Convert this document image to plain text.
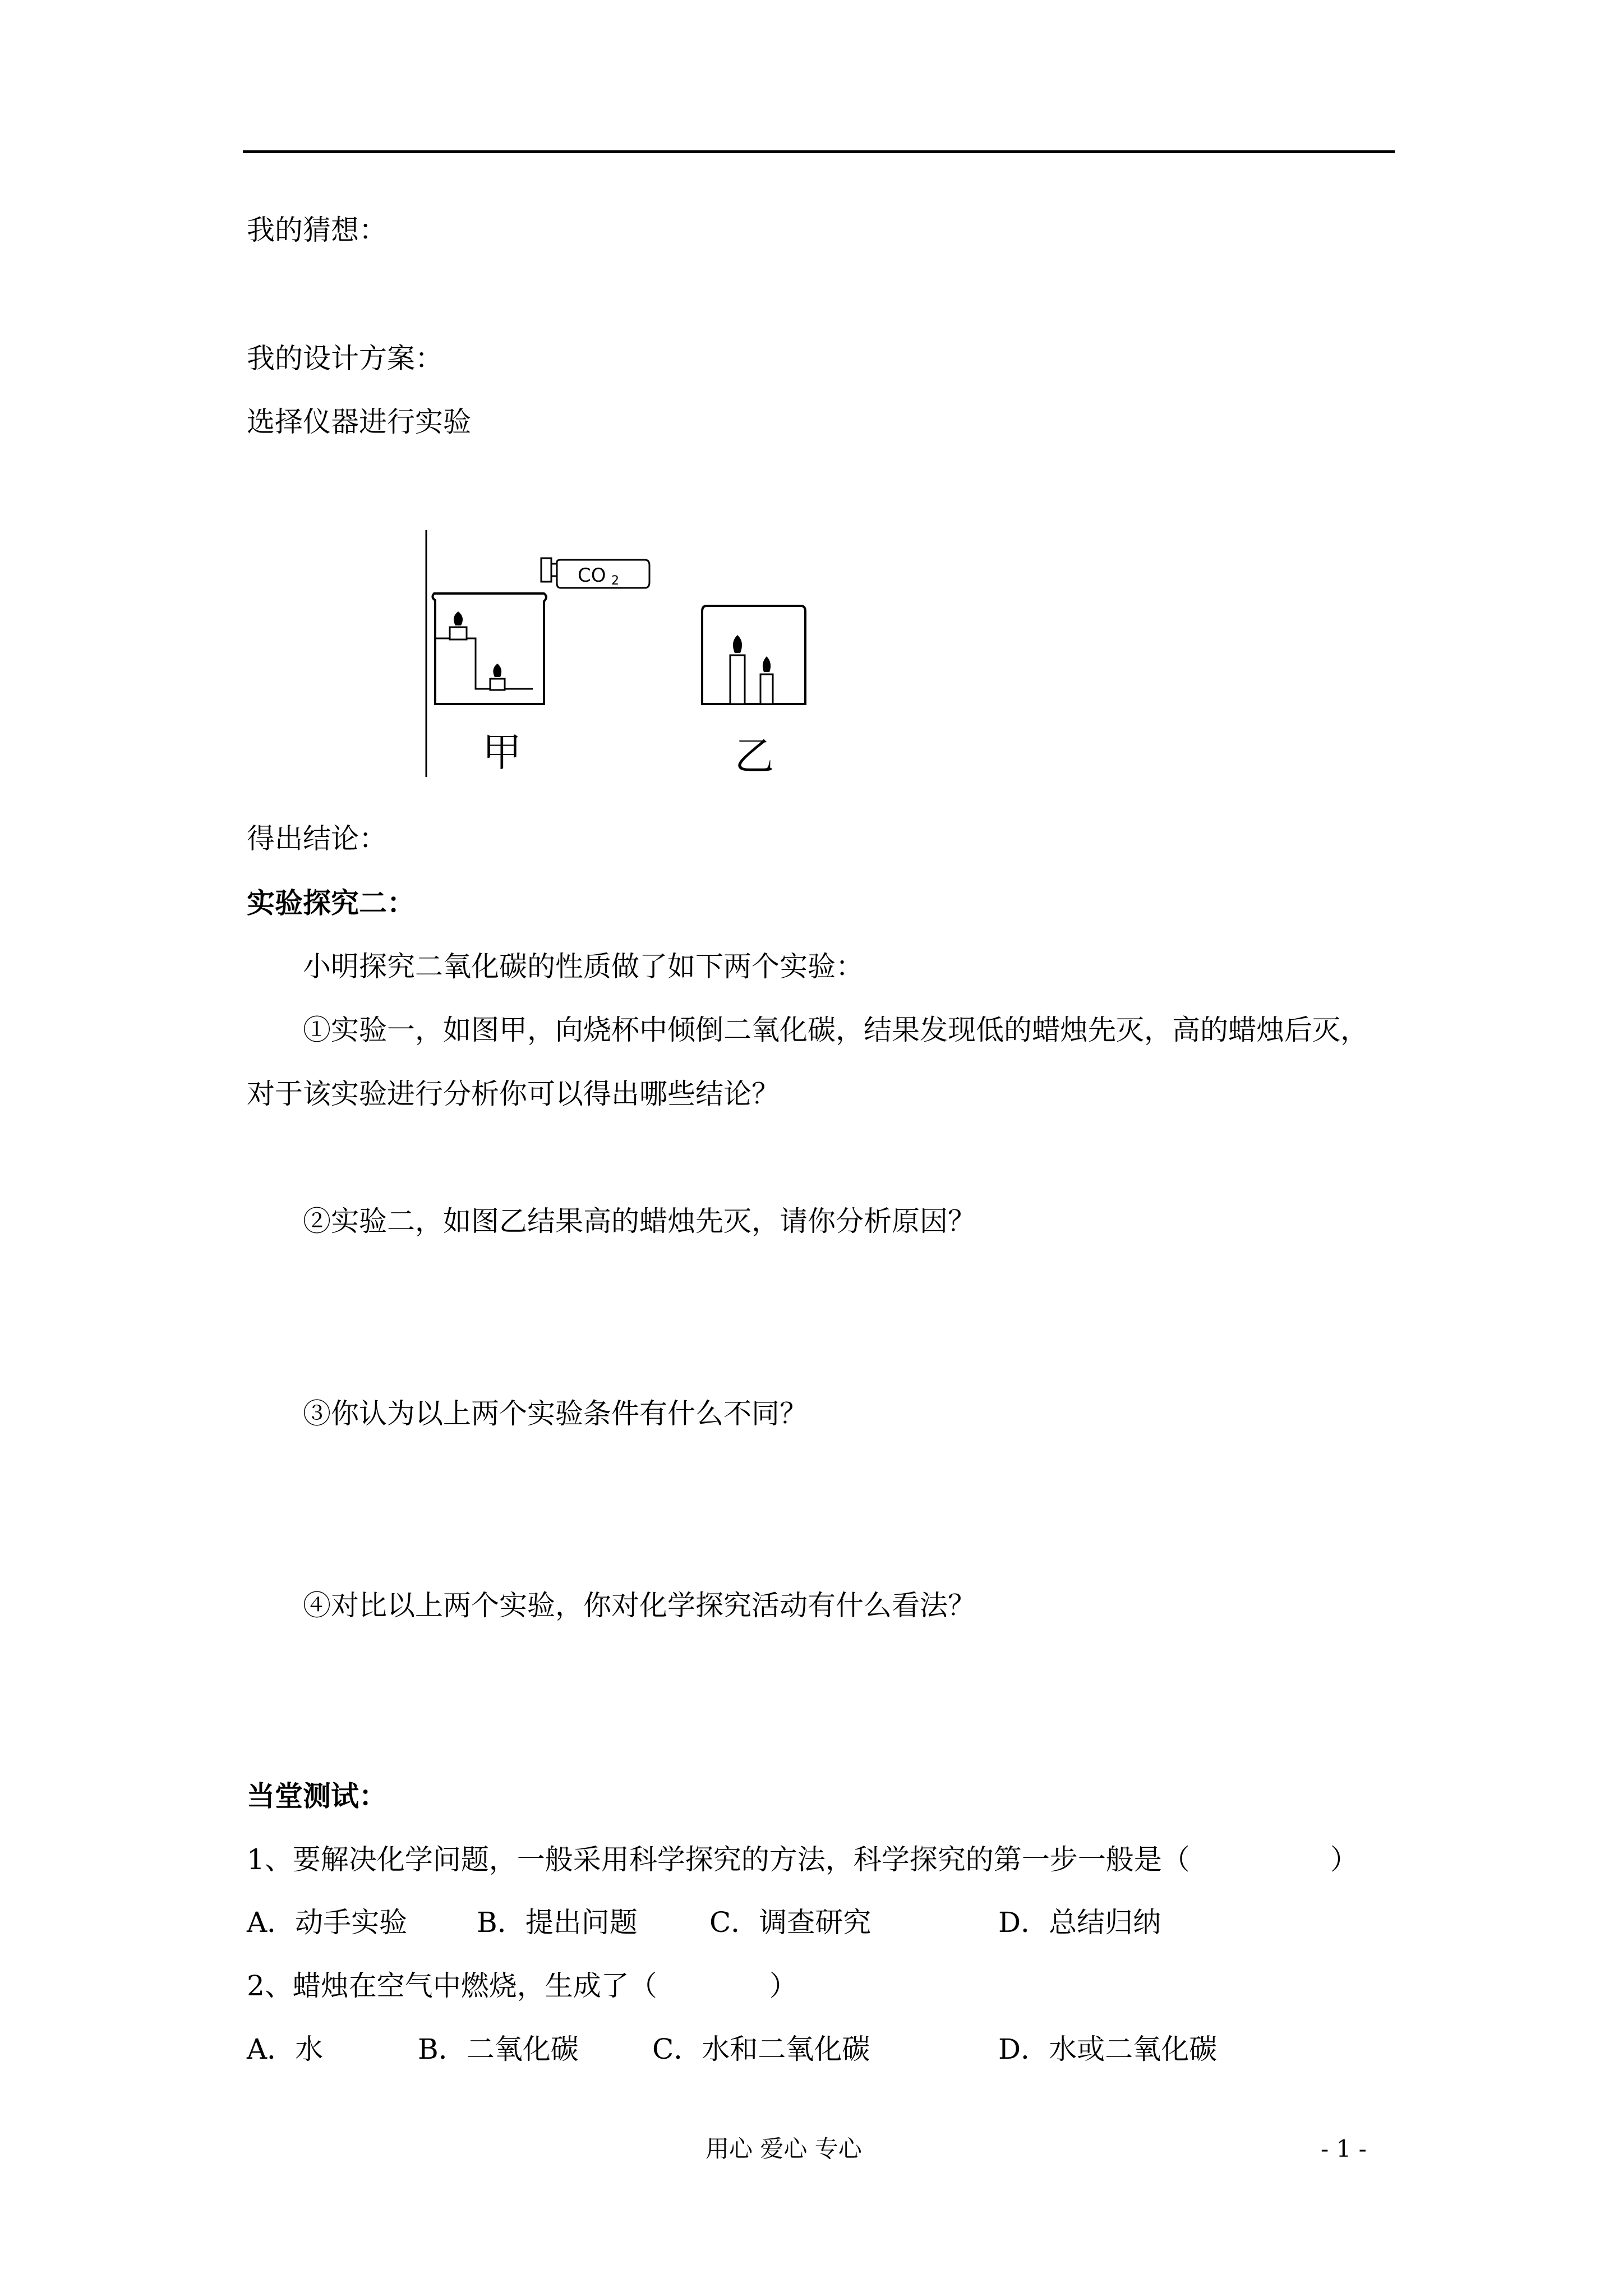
我的猜想：
我的设计方案：
选择仪器进行实验
CO 2
甲	乙
得出结论：
实验探究二：
小明探究二氧化碳的性质做了如下两个实验：
①实验一，如图甲，向烧杯中倾倒二氧化碳，结果发现低的蜡烛先灭，高的蜡烛后灭，
对于该实验进行分析你可以得出哪些结论？
②实验二，如图乙结果高的蜡烛先灭，请你分析原因？
③你认为以上两个实验条件有什么不同？
④对比以上两个实验，你对化学探究活动有什么看法？
当堂测试：
1、要解决化学问题，一般采用科学探究的方法，科学探究的第一步一般是（　　　　　）
A．动手实验 B．提出问题	C．调查研究	D．总结归纳
2、蜡烛在空气中燃烧，生成了（　　　　）
A．水	B．二氧化碳	C．水和二氧化碳	D．水或二氧化碳
用心 爱心 专心	- 1 -
